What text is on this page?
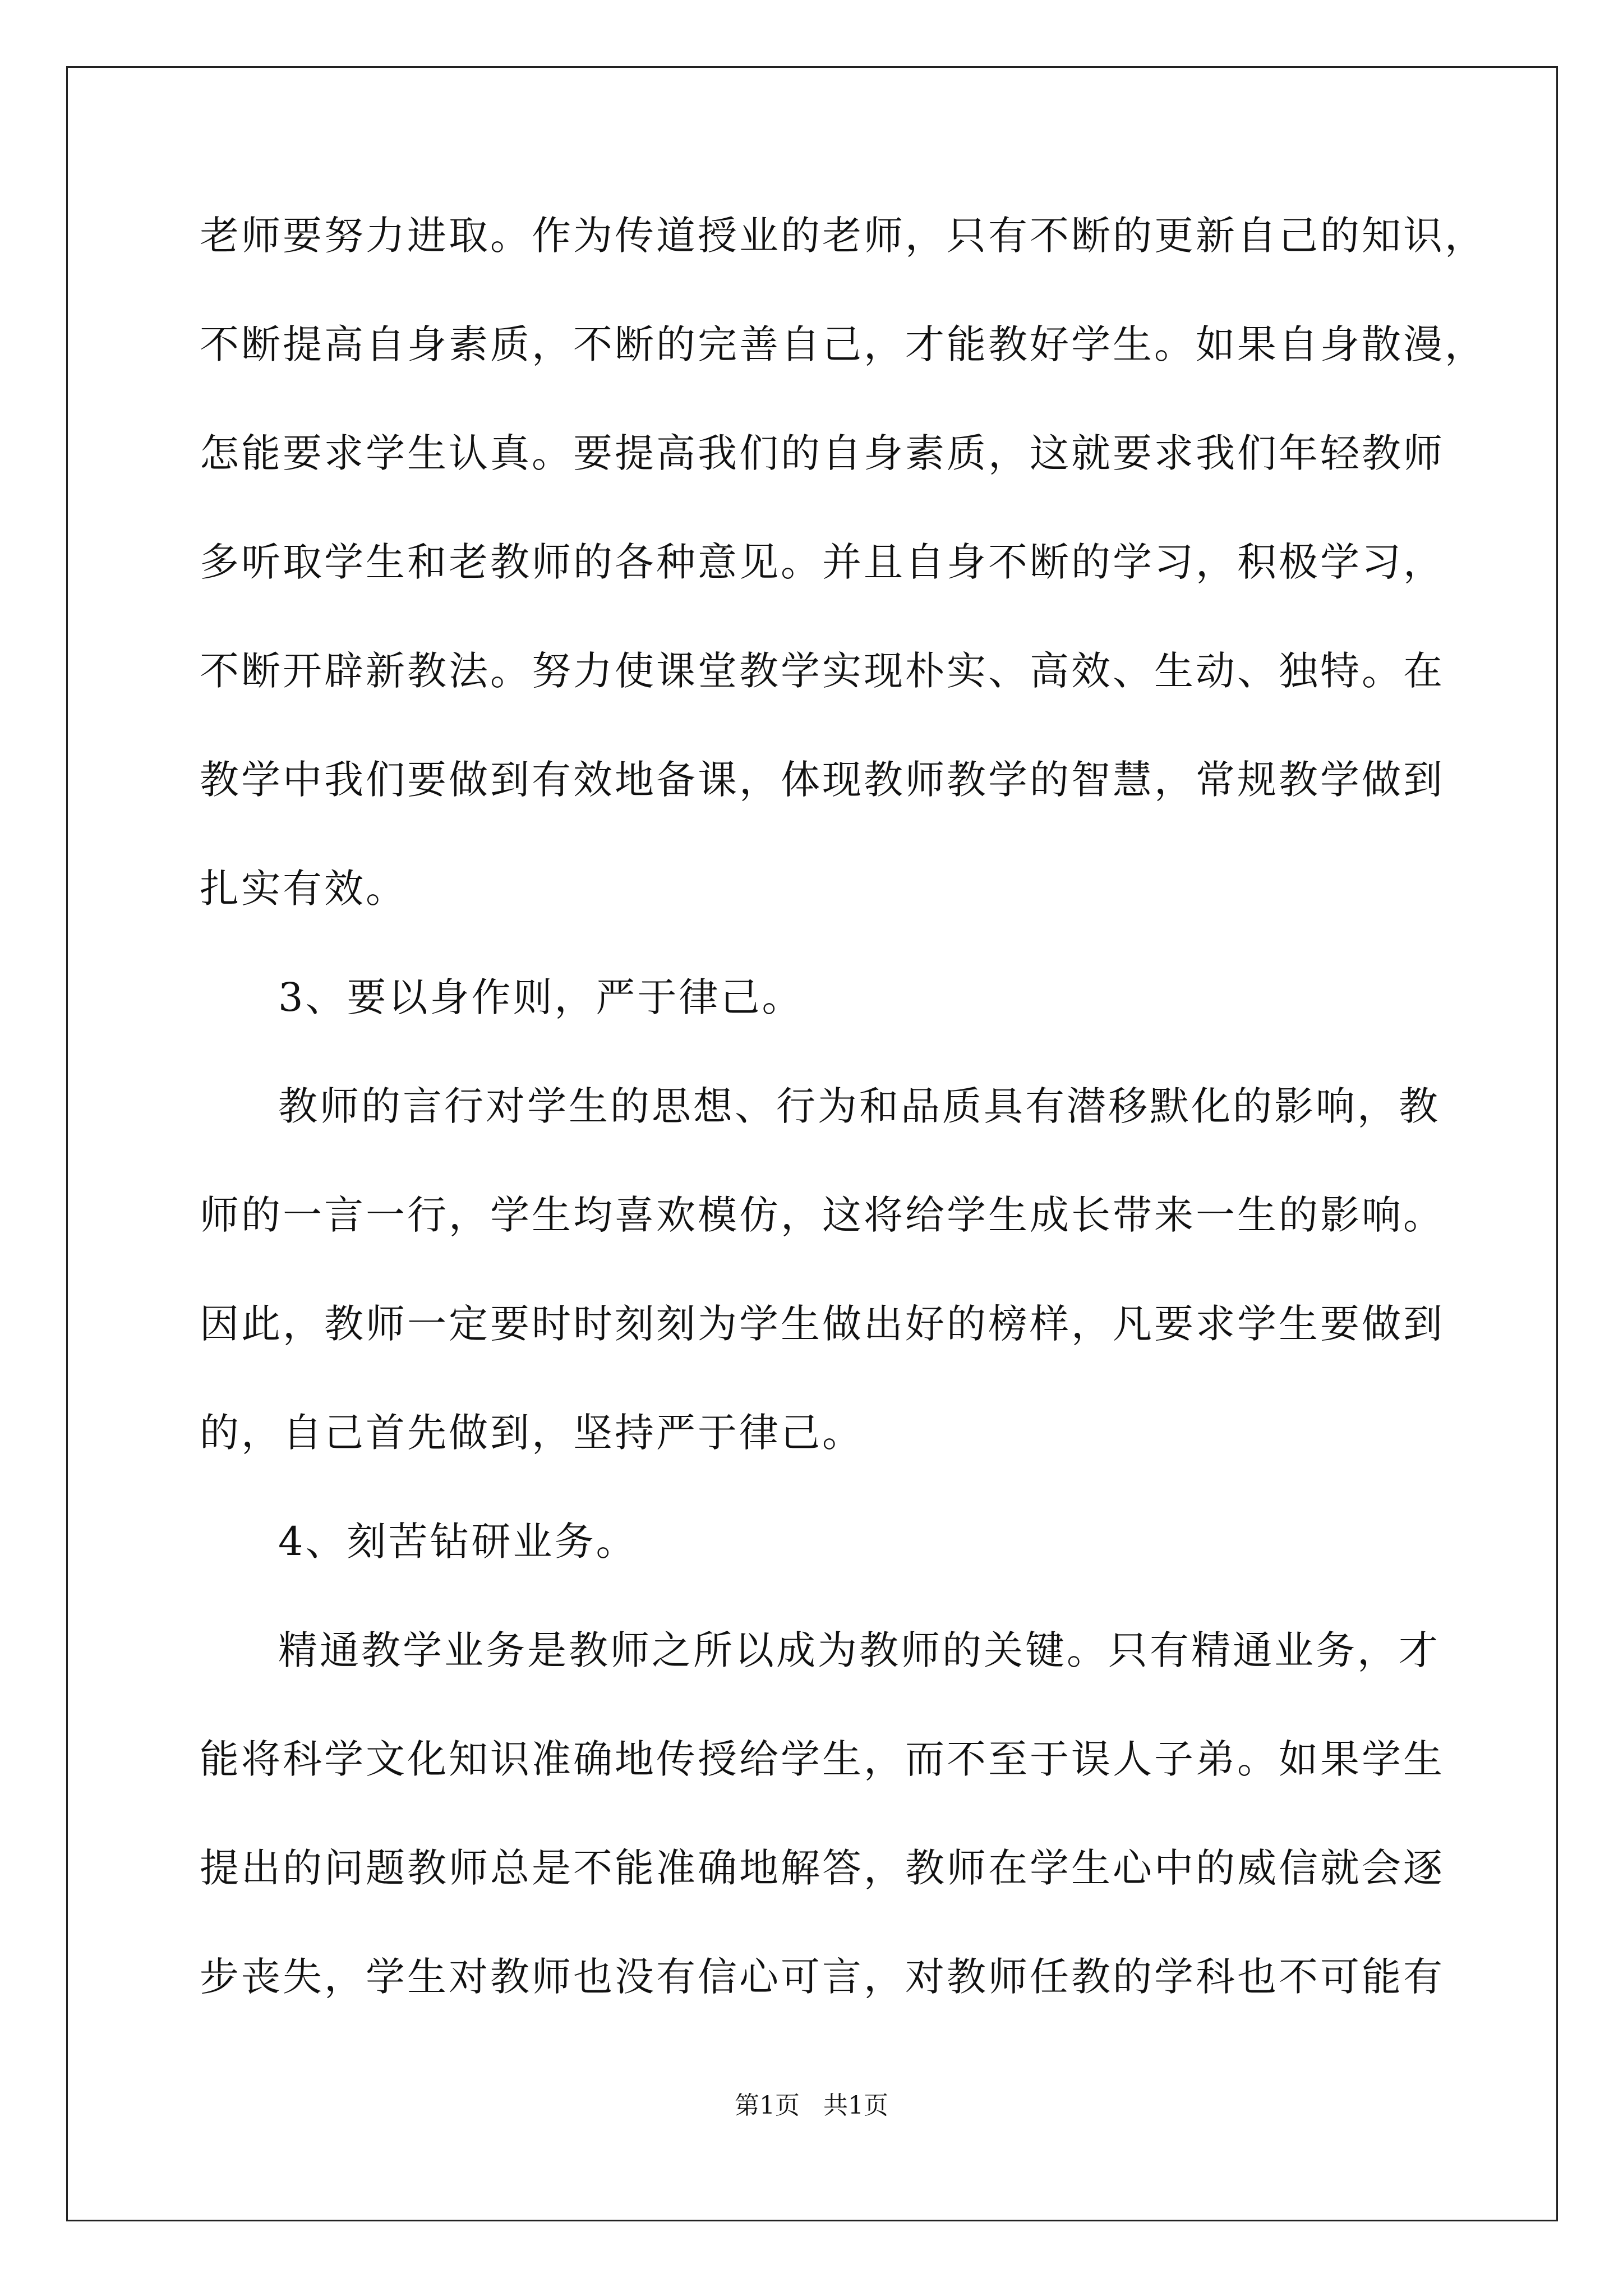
老师要努力进取。作为传道授业的老师，只有不断的更新自己的知识，
不断提高自身素质，不断的完善自己，才能教好学生。如果自身散漫，
怎能要求学生认真。要提高我们的自身素质，这就要求我们年轻教师
多听取学生和老教师的各种意见。并且自身不断的学习，积极学习，
不断开辟新教法。努力使课堂教学实现朴实、高效、生动、独特。在
教学中我们要做到有效地备课，体现教师教学的智慧，常规教学做到
扎实有效。
3、要以身作则，严于律己。
教师的言行对学生的思想、行为和品质具有潜移默化的影响，教
师的一言一行，学生均喜欢模仿，这将给学生成长带来一生的影响。
因此，教师一定要时时刻刻为学生做出好的榜样，凡要求学生要做到
的，自己首先做到，坚持严于律己。
4、刻苦钻研业务。
精通教学业务是教师之所以成为教师的关键。只有精通业务，才
能将科学文化知识准确地传授给学生，而不至于误人子弟。如果学生
提出的问题教师总是不能准确地解答，教师在学生心中的威信就会逐
步丧失，学生对教师也没有信心可言，对教师任教的学科也不可能有
第1页   共1页
